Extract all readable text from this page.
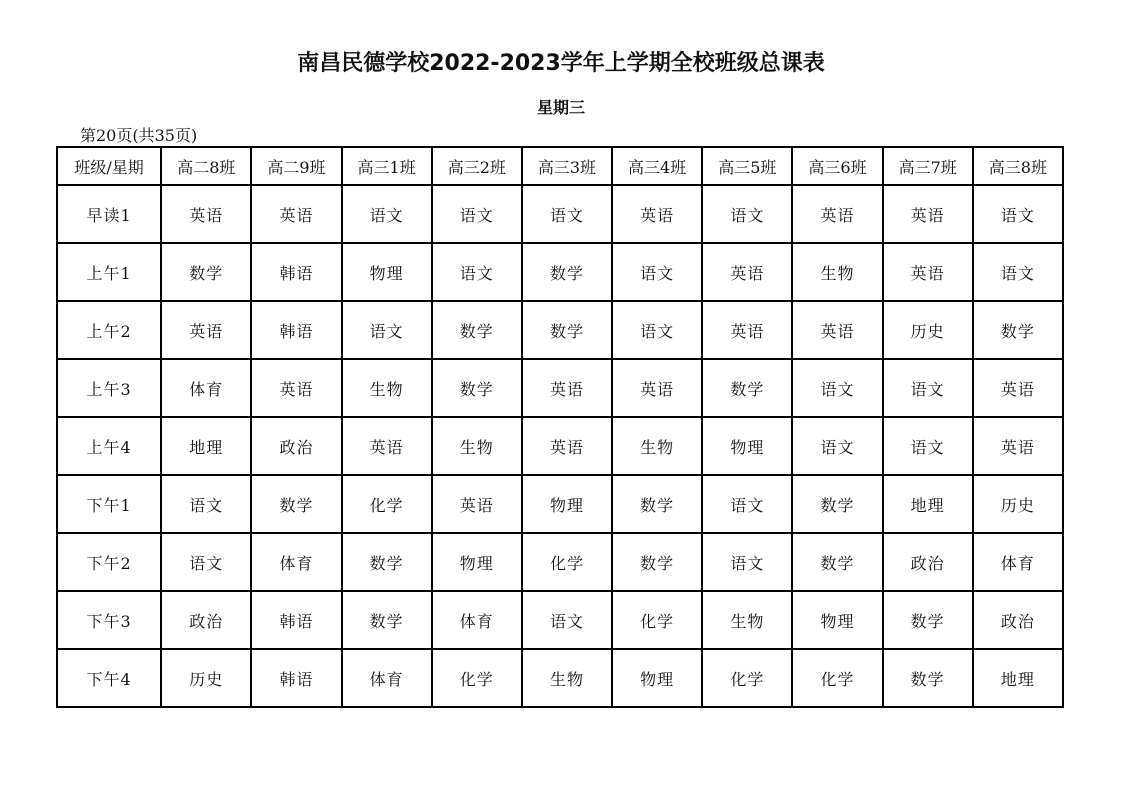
南昌民德学校2022-2023学年上学期全校班级总课表
星期三
第20页(共35页)
班级/星期	高二8班	高二9班	高三1班	高三2班	高三3班	高三4班	高三5班	高三6班	高三7班	高三8班
早读1	英语	英语	语文	语文	语文	英语	语文	英语	英语	语文
上午1	数学	韩语	物理	语文	数学	语文	英语	生物	英语	语文
上午2	英语	韩语	语文	数学	数学	语文	英语	英语	历史	数学
上午3	体育	英语	生物	数学	英语	英语	数学	语文	语文	英语
上午4	地理	政治	英语	生物	英语	生物	物理	语文	语文	英语
下午1	语文	数学	化学	英语	物理	数学	语文	数学	地理	历史
下午2	语文	体育	数学	物理	化学	数学	语文	数学	政治	体育
下午3	政治	韩语	数学	体育	语文	化学	生物	物理	数学	政治
下午4	历史	韩语	体育	化学	生物	物理	化学	化学	数学	地理
